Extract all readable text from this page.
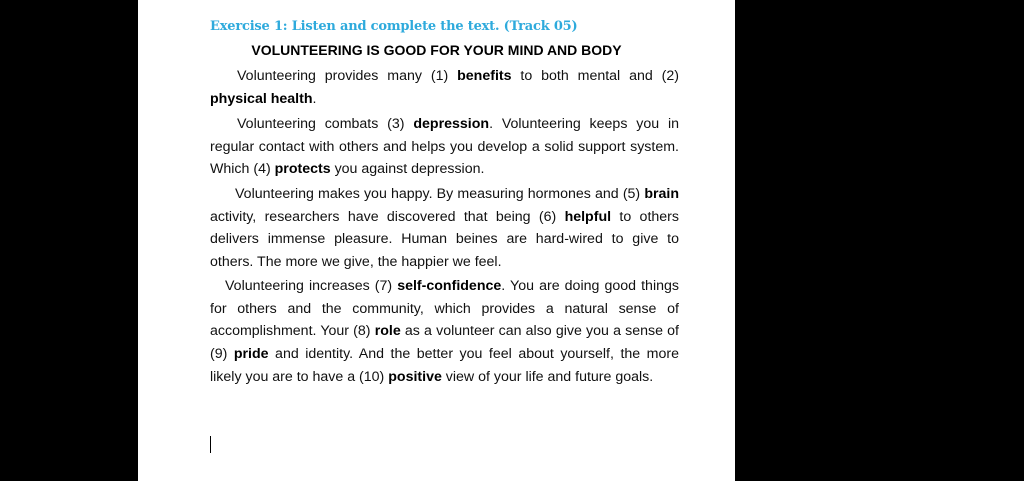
Exercise 1: Listen and complete the text. (Track 05)
VOLUNTEERING IS GOOD FOR YOUR MIND AND BODY

Volunteering provides many (1) benefits to both mental and (2) physical health.

Volunteering combats (3) depression. Volunteering keeps you in regular contact with others and helps you develop a solid support system. Which (4) protects you against depression.

Volunteering makes you happy. By measuring hormones and (5) brain activity, researchers have discovered that being (6) helpful to others delivers immense pleasure. Human beines are hard-wired to give to others. The more we give, the happier we feel.

Volunteering increases (7) self-confidence. You are doing good things for others and the community, which provides a natural sense of accomplishment. Your (8) role as a volunteer can also give you a sense of (9) pride and identity. And the better you feel about yourself, the more likely you are to have a (10) positive view of your life and future goals.
